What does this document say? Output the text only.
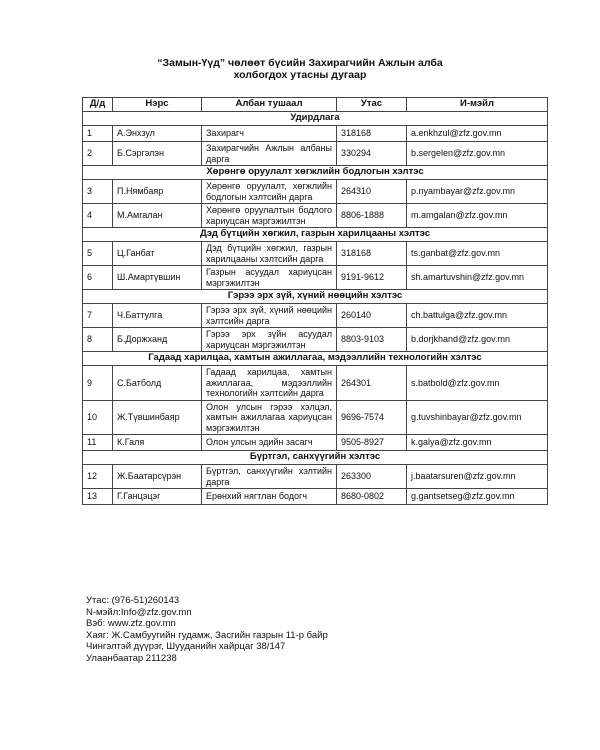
“Замын-Үүд” чөлөөт бүсийн Захирагчийн Ажлын алба
холбогдох утасны дугаар
Д/д	Нэрс	Албан тушаал	Утас	И-мэйл
Удирдлага				
1	А.Энхзул	Захирагч	318168	a.enkhzul@zfz.gov.mn
2	Б.Сэргэлэн	Захирагчийн Ажлын албаны дарга	330294	b.sergelen@zfz.gov.mn
Хөрөнгө оруулалт хөгжлийн бодлогын хэлтэс				
3	П.Нямбаяр	Хөрөнгө оруулалт, хөгжлийн бодлогын хэлтсийн дарга	264310	p.nyambayar@zfz.gov.mn
4	М.Амгалан	Хөрөнгө оруулалтын бодлого хариуцсан мэргэжилтэн	8806-1888	m.amgalan@zfz.gov.mn
Дэд бүтцийн хөгжил, газрын харилцааны хэлтэс				
5	Ц.Ганбат	Дэд бүтцийн хөгжил, газрын харилцааны хэлтсийн дарга	318168	ts.ganbat@zfz.gov.mn
6	Ш.Амартүвшин	Газрын асуудал хариуцсан мэргэжилтэн	9191-9612	sh.amartuvshin@zfz.gov.mn
Гэрээ эрх зүй, хүний нөөцийн хэлтэс				
7	Ч.Баттулга	Гэрээ эрх зүй, хүний нөөцийн хэлтсийн дарга	260140	ch.battulga@zfz.gov.mn
8	Б.Доржханд	Гэрээ эрх зүйн асуудал хариуцсан мэргэжилтэн	8803-9103	b.dorjkhand@zfz.gov.mn
Гадаад харилцаа, хамтын ажиллагаа, мэдээллийн технологийн хэлтэс				
9	С.Батболд	Гадаад харилцаа, хамтын ажиллагаа, мэдээллийн технологийн хэлтсийн дарга	264301	s.batbold@zfz.gov.mn
10	Ж.Түвшинбаяр	Олон улсын гэрээ хэлцэл, хамтын ажиллагаа хариуцсан мэргэжилтэн	9696-7574	g.tuvshinbayar@zfz.gov.mn
11	К.Галя	Олон улсын эдийн засагч	9505-8927	k.galya@zfz.gov.mn
Бүртгэл, санхүүгийн хэлтэс				
12	Ж.Баатарсүрэн	Бүртгэл, санхүүгийн хэлтийн дарга	263300	j.baatarsuren@zfz.gov.mn
13	Г.Ганцэцэг	Ерөнхий нягтлан бодогч	8680-0802	g.gantsetseg@zfz.gov.mn
Утас: (976-51)260143
N-мэйл:Info@zfz.gov.mn
Вэб: www.zfz.gov.mn
Хаяг: Ж.Самбуугийн гудамж, Засгийн газрын 11-р байр
Чингэлтэй дүүрэг, Шууданийн хайрцаг 38/147
Улаанбаатар 211238
